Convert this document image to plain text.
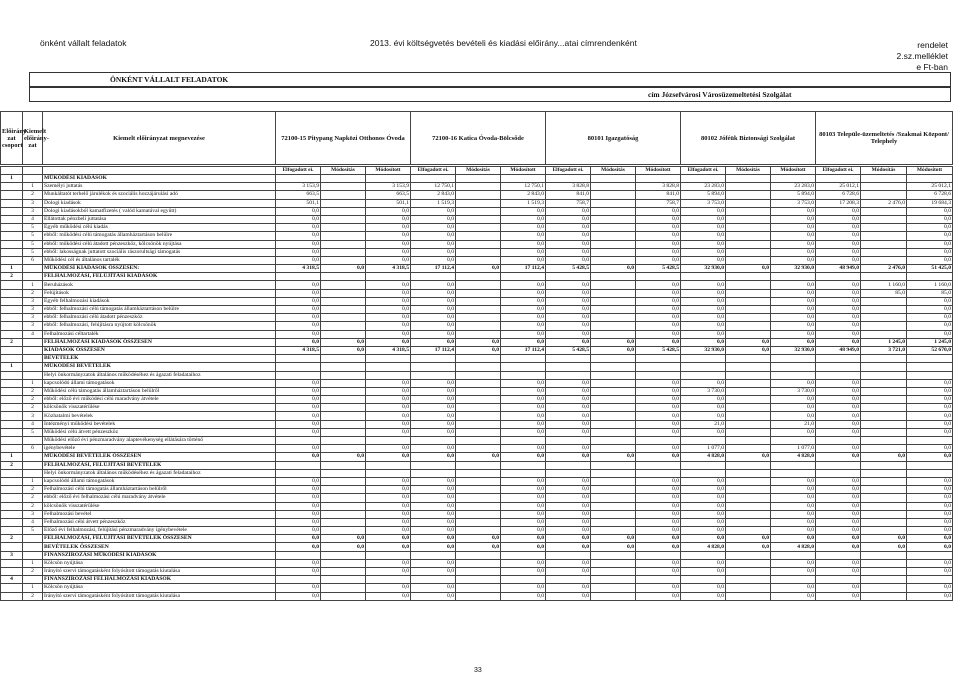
önként vállalt feladatok	2013. évi költségvetés bevételi és kiadási előirány...atai címrendenként	rendelet
2.sz.melléklet
e Ft-ban
ÖNKÉNT VÁLLALT FELADATOK
cím Józsefvárosi Városüzemeltetési Szolgálat
Előirány zat csoport	Kiemelt előirány-zat	Kiemelt előirányzat megnevezése	72100-15 Pitypang Napközi Otthonos Óvoda	72100-16 Katica Óvoda-Bölcsőde	80101 Igazgatóság	80102 Jóféük Biztonsági Szolgálat	80103 Települe-üzemeltetés /Szakmai Központ/ Telephely
			Elfogadott ei.	Módosítás	Módosított	Elfogadott ei.	Módosítás	Módosított	Elfogadott ei.	Módosítás	Módosított	Elfogadott ei.	Módosítás	Módosított	Elfogadott ei.	Módosítás	Módosított
1		MŰKÖDÉSI KIADÁSOK															
	1	Személyi juttatás	3 153,9		3 153,9	12 750,1		12 750,1	3 828,8		3 828,8	23 283,0		23 283,0	25 012,1		25 012,1
	2	Munkáltatót terhelő járulékok és szociális hozzájárulási adó	663,5		663,5	2 843,0		2 843,0	841,0		841,0	5 894,0		5 894,0	6 728,6		6 728,6
	3	Dologi kiadások	501,1		501,1	1 519,3		1 519,3	758,7		758,7	3 753,0		3 753,0	17 208,3	2 476,0	19 684,3
	3	Dologi kiadásokból kamatfizetés ( valód kamatával együtt)	0,0		0,0	0,0		0,0	0,0		0,0	0,0		0,0	0,0		0,0
	4	Ellátottak pénzbeli juttatása	0,0		0,0	0,0		0,0	0,0		0,0	0,0		0,0	0,0		0,0
	5	Egyéb működési célú kiadás	0,0		0,0	0,0		0,0	0,0		0,0	0,0		0,0	0,0		0,0
	5	ebből: működési célú támogatás államháztartáson belülre	0,0		0,0	0,0		0,0	0,0		0,0	0,0		0,0	0,0		0,0
	5	ebből: működési célú átadott pénzeszköz, kölcsönök nyújtása	0,0		0,0	0,0		0,0	0,0		0,0	0,0		0,0	0,0		0,0
	5	ebből: lakosságnak juttatott szociális rászorultsági támogatás	0,0		0,0	0,0		0,0	0,0		0,0	0,0		0,0	0,0		0,0
	6	Működési cél és általános tartalék	0,0		0,0	0,0		0,0	0,0		0,0	0,0		0,0	0,0		0,0
1		MŰKÖDÉSI KIADÁSOK ÖSSZESEN:	4 318,5	0,0	4 318,5	17 112,4	0,0	17 112,4	5 428,5	0,0	5 428,5	32 930,0	0,0	32 930,0	48 949,0	2 476,0	51 425,0
2		FELHALMOZÁSI, FELÚJÍTÁSI KIADÁSOK															
	1	Beruházások	0,0		0,0	0,0		0,0	0,0		0,0	0,0		0,0	0,0	1 160,0	1 160,0
	2	Felújítások	0,0		0,0	0,0		0,0	0,0		0,0	0,0		0,0	0,0	85,0	85,0
	3	Egyéb felhalmozási kiadások	0,0		0,0	0,0		0,0	0,0		0,0	0,0		0,0	0,0		0,0
	3	ebből: felhalmozási célú támogatás államháztartáson belülre	0,0		0,0	0,0		0,0	0,0		0,0	0,0		0,0	0,0		0,0
	3	ebből: felhalmozási célú átadott pénzeszköz	0,0		0,0	0,0		0,0	0,0		0,0	0,0		0,0	0,0		0,0
	3	ebből: felhalmozási, felújításra nyújtott kölcsönök	0,0		0,0	0,0		0,0	0,0		0,0	0,0		0,0	0,0		0,0
	4	Felhalmozási céltartalék	0,0		0,0	0,0		0,0	0,0		0,0	0,0		0,0	0,0		0,0
2		FELHALMOZÁSI KIADÁSOK ÖSSZESEN	0,0	0,0	0,0	0,0	0,0	0,0	0,0	0,0	0,0	0,0	0,0	0,0	0,0	1 245,0	1 245,0
		KIADÁSOK ÖSSZESEN	4 318,5	0,0	4 318,5	17 112,4	0,0	17 112,4	5 428,5	0,0	5 428,5	32 930,0	0,0	32 930,0	48 949,0	3 721,0	52 670,0
		BEVÉTELEK															
1		MŰKÖDÉSI BEVÉTELEK															
		Helyi önkormányzatok általános működéséhez és ágazati feladataihoz															
	1	kapcsolódó állami támogatások	0,0		0,0	0,0		0,0	0,0		0,0	0,0		0,0	0,0		0,0
	2	Működési célú támogatás államháztartáson belülről	0,0		0,0	0,0		0,0	0,0		0,0	3 730,0		3 730,0	0,0		0,0
	2	ebből: előző évi működési célú maradvány átvétele	0,0		0,0	0,0		0,0	0,0		0,0	0,0		0,0	0,0		0,0
	2	kölcsönök visszatérülése	0,0		0,0	0,0		0,0	0,0		0,0	0,0		0,0	0,0		0,0
	3	Közhatalmi bevételek	0,0		0,0	0,0		0,0	0,0		0,0	0,0		0,0	0,0		0,0
	4	Intézményi működési bevételek	0,0		0,0	0,0		0,0	0,0		0,0	21,0		21,0	0,0		0,0
	5	Működési célú átvett pénzeszköz	0,0		0,0	0,0		0,0	0,0		0,0	0,0		0,0	0,0		0,0
		Működési előző évi pénzmaradvány alaptevékenység ellátására történő															
	6	igénybevétele	0,0		0,0	0,0		0,0	0,0		0,0	1 077,0		1 077,0	0,0		0,0
1		MŰKÖDÉSI BEVÉTELEK ÖSSZESEN	0,0	0,0	0,0	0,0	0,0	0,0	0,0	0,0	0,0	4 828,0	0,0	4 828,0	0,0	0,0	0,0
2		FELHALMOZÁSI, FELÚJÍTÁSI BEVÉTELEK															
		Helyi önkormányzatok általános működéséhez és ágazati feladataihoz															
	1	kapcsolódó állami támogatások	0,0		0,0	0,0		0,0	0,0		0,0	0,0		0,0	0,0		0,0
	2	Felhalmozási célú támogatás államháztartáson belülről	0,0		0,0	0,0		0,0	0,0		0,0	0,0		0,0	0,0		0,0
	2	ebből: előző évi felhalmozási célú maradvány átvétele	0,0		0,0	0,0		0,0	0,0		0,0	0,0		0,0	0,0		0,0
	2	kölcsönök visszatérülése	0,0		0,0	0,0		0,0	0,0		0,0	0,0		0,0	0,0		0,0
	3	Felhalmozási bevétel	0,0		0,0	0,0		0,0	0,0		0,0	0,0		0,0	0,0		0,0
	4	Felhalmozási célú átvett pénzeszköz	0,0		0,0	0,0		0,0	0,0		0,0	0,0		0,0	0,0		0,0
	5	Előző évi felhalmozási, felújítási pénzmaradvány igénybevétele	0,0		0,0	0,0		0,0	0,0		0,0	0,0		0,0	0,0		0,0
2		FELHALMOZÁSI, FELÚJÍTÁSI BEVÉTELEK ÖSSZESEN	0,0	0,0	0,0	0,0	0,0	0,0	0,0	0,0	0,0	0,0	0,0	0,0	0,0	0,0	0,0
		BEVÉTELEK ÖSSZESEN	0,0	0,0	0,0	0,0	0,0	0,0	0,0	0,0	0,0	4 828,0	0,0	4 828,0	0,0	0,0	0,0
3		FINANSZÍROZÁSI MŰKÖDÉSI KIADÁSOK															
	1	Kölcsön nyújtása	0,0		0,0	0,0		0,0	0,0		0,0	0,0		0,0	0,0		0,0
	2	Irányító szervi támogatásként folyósított támogatás kiutalása	0,0		0,0	0,0		0,0	0,0		0,0	0,0		0,0	0,0		0,0
4		FINANSZÍROZÁSI FELHALMOZÁSI KIADÁSOK															
	1	Kölcsön nyújtása	0,0		0,0	0,0		0,0	0,0		0,0	0,0		0,0	0,0		0,0
	2	Irányító szervi támogatásként folyósított támogatás kiutalása	0,0		0,0	0,0		0,0	0,0		0,0	0,0		0,0	0,0		0,0
33
